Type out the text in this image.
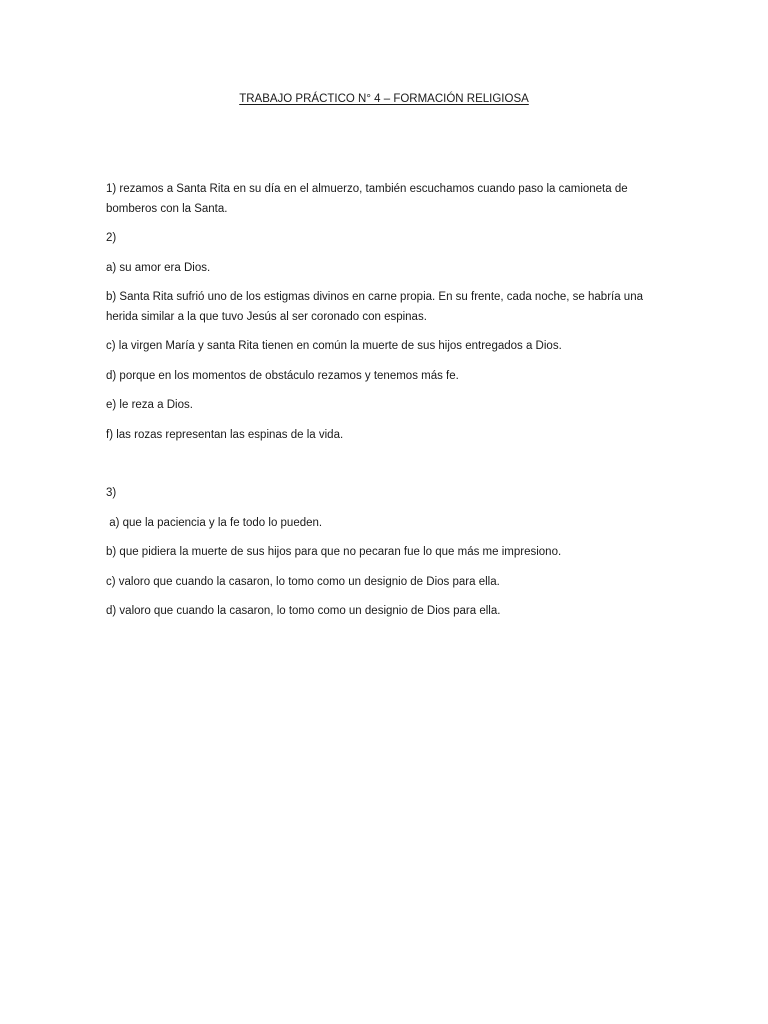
TRABAJO PRÁCTICO N° 4 – FORMACIÓN RELIGIOSA

1) rezamos a Santa Rita en su día en el almuerzo, también escuchamos cuando paso la camioneta de bomberos con la Santa.

2)

a) su amor era Dios.

b) Santa Rita sufrió uno de los estigmas divinos en carne propia. En su frente, cada noche, se habría una herida similar a la que tuvo Jesús al ser coronado con espinas.

c) la virgen María y santa Rita tienen en común la muerte de sus hijos entregados a Dios.

d) porque en los momentos de obstáculo rezamos y tenemos más fe.

e) le reza a Dios.

f) las rozas representan las espinas de la vida.

3)

a) que la paciencia y la fe todo lo pueden.

b) que pidiera la muerte de sus hijos para que no pecaran fue lo que más me impresiono.

c) valoro que cuando la casaron, lo tomo como un designio de Dios para ella.

d) valoro que cuando la casaron, lo tomo como un designio de Dios para ella.
